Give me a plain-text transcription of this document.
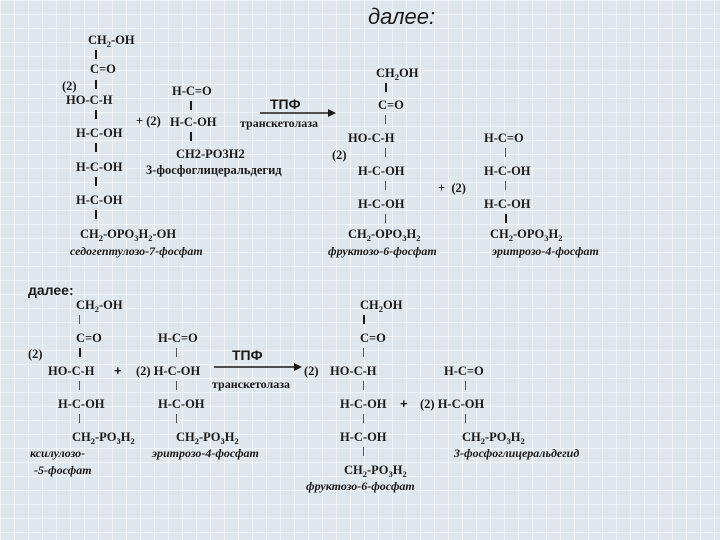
далее:
$CH_2-OH$
C=O
(2)
HO-C-H
H-C-OH
H-C-OH
H-C-OH
$CH_2-OPO_3H_2-OH$
седогептулозо-7-фосфат
+ (2)
H-C=O
H-C-OH
CH2-PO3H2
3-фосфоглицеральдегид
ТПФ
транскетолаза
$CH_2OH$
C=O
HO-C-H
(2)
H-C-OH
H-C-OH
$CH_2-OPO_3H_2$
фруктозо-6-фосфат
+  (2)
H-C=O
H-C-OH
H-C-OH
$CH_2-OPO_3H_2$
эритрозо-4-фосфат
далее:
$CH_2-OH$
C=O
(2)
HO-C-H
H-C-OH
$CH_2-PO_3H_2$
ксилулозо-
-5-фосфат
+
H-C=O
(2) H-C-OH
H-C-OH
$CH_2-PO_3H_2$
эритрозо-4-фосфат
ТПФ
транскетолаза
$CH_2OH$
C=O
(2) HO-C-H
H-C-OH
H-C-OH
$CH_2-PO_3H_2$
фруктозо-6-фосфат
+
H-C=O
(2) H-C-OH
$CH_2-PO_3H_2$
3-фосфоглицеральдегид
